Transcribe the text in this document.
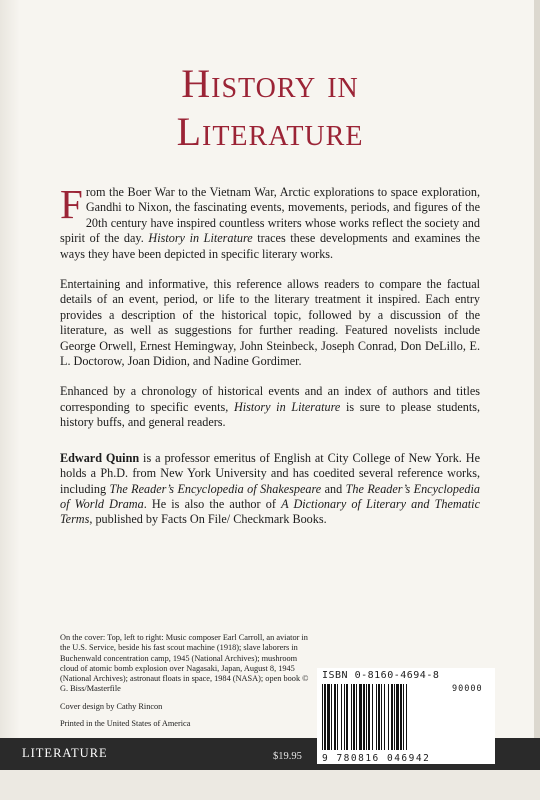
History in
Literature

From the Boer War to the Vietnam War, Arctic explorations to space exploration, Gandhi to Nixon, the fascinating events, movements, periods, and figures of the 20th century have inspired countless writers whose works reflect the society and spirit of the day. History in Literature traces these developments and examines the ways they have been depicted in specific literary works.

Entertaining and informative, this reference allows readers to compare the factual details of an event, period, or life to the literary treatment it inspired. Each entry provides a description of the historical topic, followed by a discussion of the literature, as well as suggestions for further reading. Featured novelists include George Orwell, Ernest Hemingway, John Steinbeck, Joseph Conrad, Don DeLillo, E. L. Doctorow, Joan Didion, and Nadine Gordimer.

Enhanced by a chronology of historical events and an index of authors and titles corresponding to specific events, History in Literature is sure to please students, history buffs, and general readers.

Edward Quinn is a professor emeritus of English at City College of New York. He holds a Ph.D. from New York University and has coedited several reference works, including The Reader’s Encyclopedia of Shakespeare and The Reader’s Encyclopedia of World Drama. He is also the author of A Dictionary of Literary and Thematic Terms, published by Facts On File/ Checkmark Books.

On the cover: Top, left to right: Music composer Earl Carroll, an aviator in the U.S. Service, beside his fast scout machine (1918); slave laborers in Buchenwald concentration camp, 1945 (National Archives); mushroom cloud of atomic bomb explosion over Nagasaki, Japan, August 8, 1945 (National Archives); astronaut floats in space, 1984 (NASA); open book © G. Biss/Masterfile

Cover design by Cathy Rincon

Printed in the United States of America

LITERATURE	$19.95
ISBN 0-8160-4694-8
90000
9 780816 046942
